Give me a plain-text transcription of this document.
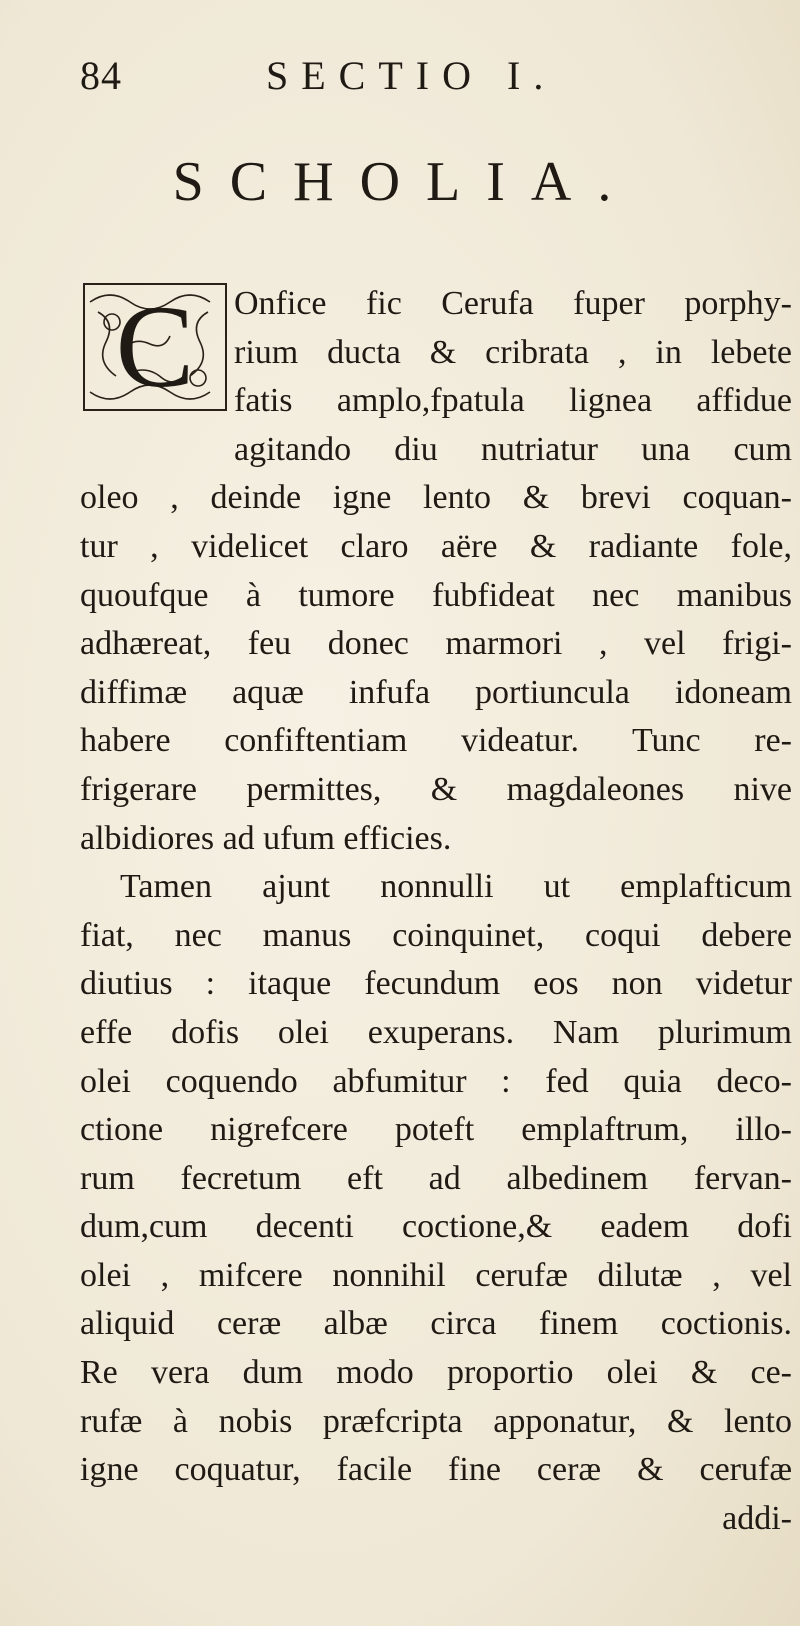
84	SECTIO I.
SCHOLIA.
C Onfice fic Cerufa fuper porphy-
rium ducta & cribrata , in lebete
fatis amplo,fpatula lignea affidue
agitando diu nutriatur una cum
oleo , deinde igne lento & brevi coquan-
tur , videlicet claro aëre & radiante fole,
quoufque à tumore fubfideat nec manibus
adhæreat, feu donec marmori , vel frigi-
diffimæ aquæ infufa portiuncula idoneam
habere confiftentiam videatur. Tunc re-
frigerare permittes, & magdaleones nive
albidiores ad ufum efficies.
Tamen ajunt nonnulli ut emplafticum
fiat, nec manus coinquinet, coqui debere
diutius : itaque fecundum eos non videtur
effe dofis olei exuperans. Nam plurimum
olei coquendo abfumitur : fed quia deco-
ctione nigrefcere poteft emplaftrum, illo-
rum fecretum eft ad albedinem fervan-
dum,cum decenti coctione,& eadem dofi
olei , mifcere nonnihil cerufæ dilutæ , vel
aliquid ceræ albæ circa finem coctionis.
Re vera dum modo proportio olei & ce-
rufæ à nobis præfcripta apponatur, & lento
igne coquatur, facile fine ceræ & cerufæ
addi-
